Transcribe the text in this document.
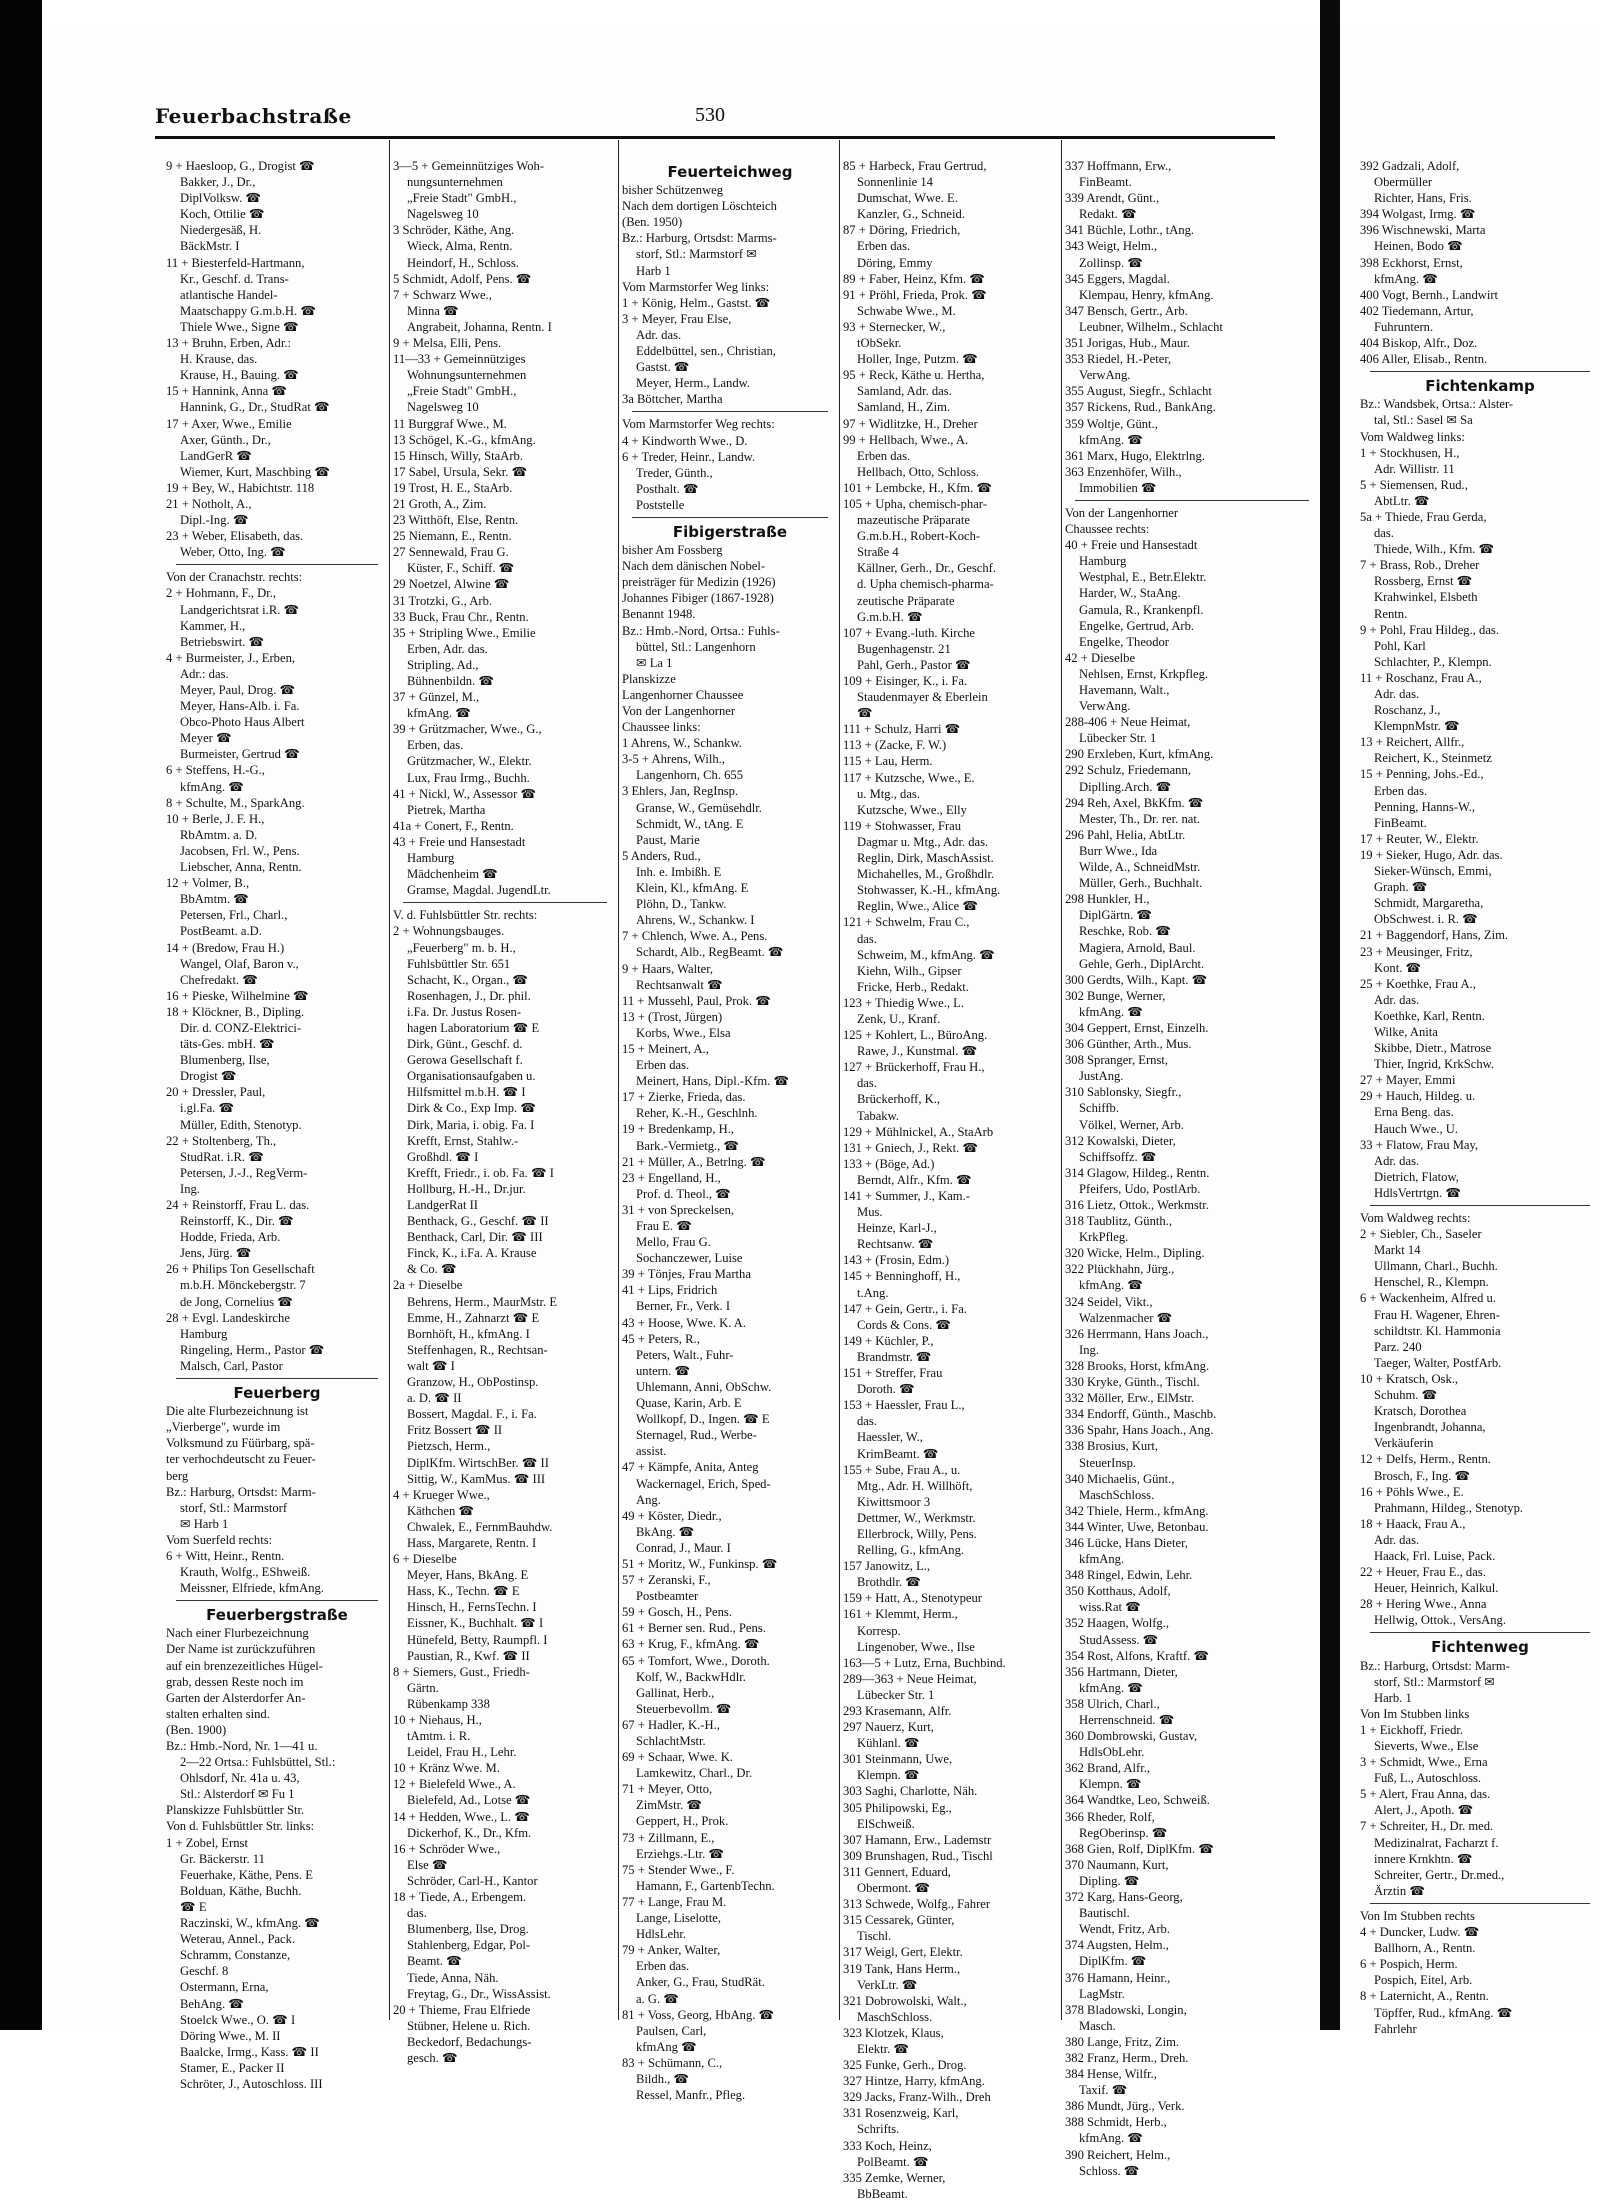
Feuerbachstraße	530
9 + Haesloop, G., Drogist ☎
Bakker, J., Dr.,
DiplVolksw. ☎
Koch, Ottilie ☎
Niedergesäß, H.
BäckMstr. I
11 + Biesterfeld-Hartmann,
Kr., Geschf. d. Trans-
atlantische Handel-
Maatschappy G.m.b.H. ☎
Thiele Wwe., Signe ☎
13 + Bruhn, Erben, Adr.:
H. Krause, das.
Krause, H., Bauing. ☎
15 + Hannink, Anna ☎
Hannink, G., Dr., StudRat ☎
17 + Axer, Wwe., Emilie
Axer, Günth., Dr.,
LandGerR ☎
Wiemer, Kurt, Maschbing ☎
19 + Bey, W., Habichtstr. 118
21 + Notholt, A.,
Dipl.-Ing. ☎
23 + Weber, Elisabeth, das.
Weber, Otto, Ing. ☎
Von der Cranachstr. rechts:
2 + Hohmann, F., Dr.,
Landgerichtsrat i.R. ☎
Kammer, H.,
Betriebswirt. ☎
4 + Burmeister, J., Erben,
Adr.: das.
Meyer, Paul, Drog. ☎
Meyer, Hans-Alb. i. Fa.
Obco-Photo Haus Albert
Meyer ☎
Burmeister, Gertrud ☎
6 + Steffens, H.-G.,
kfmAng. ☎
8 + Schulte, M., SparkAng.
10 + Berle, J. F. H.,
RbAmtm. a. D.
Jacobsen, Frl. W., Pens.
Liebscher, Anna, Rentn.
12 + Volmer, B.,
BbAmtm. ☎
Petersen, Frl., Charl.,
PostBeamt. a.D.
14 + (Bredow, Frau H.)
Wangel, Olaf, Baron v.,
Chefredakt. ☎
16 + Pieske, Wilhelmine ☎
18 + Klöckner, B., Dipling.
Dir. d. CONZ-Elektrici-
täts-Ges. mbH. ☎
Blumenberg, Ilse,
Drogist ☎
20 + Dressler, Paul,
i.gl.Fa. ☎
Müller, Edith, Stenotyp.
22 + Stoltenberg, Th.,
StudRat. i.R. ☎
Petersen, J.-J., RegVerm-
Ing.
24 + Reinstorff, Frau L. das.
Reinstorff, K., Dir. ☎
Hodde, Frieda, Arb.
Jens, Jürg. ☎
26 + Philips Ton Gesellschaft
m.b.H. Mönckebergstr. 7
de Jong, Cornelius ☎
28 + Evgl. Landeskirche
Hamburg
Ringeling, Herm., Pastor ☎
Malsch, Carl, Pastor
Feuerberg
Die alte Flurbezeichnung ist
„Vierberge", wurde im
Volksmund zu Füürbarg, spä-
ter verhochdeutscht zu Feuer-
berg
Bz.: Harburg, Ortsdst: Marm-
storf, Stl.: Marmstorf
✉ Harb 1
Vom Suerfeld rechts:
6 + Witt, Heinr., Rentn.
Krauth, Wolfg., EShweiß.
Meissner, Elfriede, kfmAng.
Feuerbergstraße
Nach einer Flurbezeichnung
Der Name ist zurückzuführen
auf ein brenzezeitliches Hügel-
grab, dessen Reste noch im
Garten der Alsterdorfer An-
stalten erhalten sind.
(Ben. 1900)
Bz.: Hmb.-Nord, Nr. 1—41 u.
2—22 Ortsa.: Fuhlsbüttel, Stl.:
Ohlsdorf, Nr. 41a u. 43,
Stl.: Alsterdorf ✉ Fu 1
Planskizze Fuhlsbüttler Str.
Von d. Fuhlsbüttler Str. links:
1 + Zobel, Ernst
Gr. Bäckerstr. 11
Feuerhake, Käthe, Pens. E
Bolduan, Käthe, Buchh.
☎ E
Raczinski, W., kfmAng. ☎
Weterau, Annel., Pack.
Schramm, Constanze,
Geschf. 8
Ostermann, Erna,
BehAng. ☎
Stoelck Wwe., O. ☎ I
Döring Wwe., M. II
Baalcke, Irmg., Kass. ☎ II
Stamer, E., Packer II
Schröter, J., Autoschloss. III
3—5 + Gemeinnütziges Woh-
nungsunternehmen
„Freie Stadt" GmbH.,
Nagelsweg 10
3 Schröder, Käthe, Ang.
Wieck, Alma, Rentn.
Heindorf, H., Schloss.
5 Schmidt, Adolf, Pens. ☎
7 + Schwarz Wwe.,
Minna ☎
Angrabeit, Johanna, Rentn. I
9 + Melsa, Elli, Pens.
11—33 + Gemeinnütziges
Wohnungsunternehmen
„Freie Stadt" GmbH.,
Nagelsweg 10
11 Burggraf Wwe., M.
13 Schögel, K.-G., kfmAng.
15 Hinsch, Willy, StaArb.
17 Sabel, Ursula, Sekr. ☎
19 Trost, H. E., StaArb.
21 Groth, A., Zim.
23 Witthöft, Else, Rentn.
25 Niemann, E., Rentn.
27 Sennewald, Frau G.
Küster, F., Schiff. ☎
29 Noetzel, Alwine ☎
31 Trotzki, G., Arb.
33 Buck, Frau Chr., Rentn.
35 + Stripling Wwe., Emilie
Erben, Adr. das.
Stripling, Ad.,
Bühnenbildn. ☎
37 + Günzel, M.,
kfmAng. ☎
39 + Grützmacher, Wwe., G.,
Erben, das.
Grützmacher, W., Elektr.
Lux, Frau Irmg., Buchh.
41 + Nickl, W., Assessor ☎
Pietrek, Martha
41a + Conert, F., Rentn.
43 + Freie und Hansestadt
Hamburg
Mädchenheim ☎
Gramse, Magdal. JugendLtr.
V. d. Fuhlsbüttler Str. rechts:
2 + Wohnungsbauges.
„Feuerberg" m. b. H.,
Fuhlsbüttler Str. 651
Schacht, K., Organ., ☎
Rosenhagen, J., Dr. phil.
i.Fa. Dr. Justus Rosen-
hagen Laboratorium ☎ E
Dirk, Günt., Geschf. d.
Gerowa Gesellschaft f.
Organisationsaufgaben u.
Hilfsmittel m.b.H. ☎ I
Dirk & Co., Exp Imp. ☎
Dirk, Maria, i. obig. Fa. I
Krefft, Ernst, Stahlw.-
Großhdl. ☎ I
Krefft, Friedr., i. ob. Fa. ☎ I
Hollburg, H.-H., Dr.jur.
LandgerRat II
Benthack, G., Geschf. ☎ II
Benthack, Carl, Dir. ☎ III
Finck, K., i.Fa. A. Krause
& Co. ☎
2a + Dieselbe
Behrens, Herm., MaurMstr. E
Emme, H., Zahnarzt ☎ E
Bornhöft, H., kfmAng. I
Steffenhagen, R., Rechtsan-
walt ☎ I
Granzow, H., ObPostinsp.
a. D. ☎ II
Bossert, Magdal. F., i. Fa.
Fritz Bossert ☎ II
Pietzsch, Herm.,
DiplKfm. WirtschBer. ☎ II
Sittig, W., KamMus. ☎ III
4 + Krueger Wwe.,
Käthchen ☎
Chwalek, E., FernmBauhdw.
Hass, Margarete, Rentn. I
6 + Dieselbe
Meyer, Hans, BkAng. E
Hass, K., Techn. ☎ E
Hinsch, H., FernsTechn. I
Eissner, K., Buchhalt. ☎ I
Hünefeld, Betty, Raumpfl. I
Paustian, R., Kwf. ☎ II
8 + Siemers, Gust., Friedh-
Gärtn.
Rübenkamp 338
10 + Niehaus, H.,
tAmtm. i. R.
Leidel, Frau H., Lehr.
10 + Kränz Wwe. M.
12 + Bielefeld Wwe., A.
Bielefeld, Ad., Lotse ☎
14 + Hedden, Wwe., L. ☎
Dickerhof, K., Dr., Kfm.
16 + Schröder Wwe.,
Else ☎
Schröder, Carl-H., Kantor
18 + Tiede, A., Erbengem.
das.
Blumenberg, Ilse, Drog.
Stahlenberg, Edgar, Pol-
Beamt. ☎
Tiede, Anna, Näh.
Freytag, G., Dr., WissAssist.
20 + Thieme, Frau Elfriede
Stübner, Helene u. Rich.
Beckedorf, Bedachungs-
gesch. ☎
Feuerteichweg
bisher Schützenweg
Nach dem dortigen Löschteich
(Ben. 1950)
Bz.: Harburg, Ortsdst: Marms-
storf, Stl.: Marmstorf ✉
Harb 1
Vom Marmstorfer Weg links:
1 + König, Helm., Gastst. ☎
3 + Meyer, Frau Else,
Adr. das.
Eddelbüttel, sen., Christian,
Gastst. ☎
Meyer, Herm., Landw.
3a Böttcher, Martha
Vom Marmstorfer Weg rechts:
4 + Kindworth Wwe., D.
6 + Treder, Heinr., Landw.
Treder, Günth.,
Posthalt. ☎
Poststelle
Fibigerstraße
bisher Am Fossberg
Nach dem dänischen Nobel-
preisträger für Medizin (1926)
Johannes Fibiger (1867-1928)
Benannt 1948.
Bz.: Hmb.-Nord, Ortsa.: Fuhls-
büttel, Stl.: Langenhorn
✉ La 1
Planskizze
Langenhorner Chaussee
Von der Langenhorner
Chaussee links:
1 Ahrens, W., Schankw.
3-5 + Ahrens, Wilh.,
Langenhorn, Ch. 655
3 Ehlers, Jan, RegInsp.
Granse, W., Gemüsehdlr.
Schmidt, W., tAng. E
Paust, Marie
5 Anders, Rud.,
Inh. e. Imbißh. E
Klein, Kl., kfmAng. E
Plöhn, D., Tankw.
Ahrens, W., Schankw. I
7 + Chlench, Wwe. A., Pens.
Schardt, Alb., RegBeamt. ☎
9 + Haars, Walter,
Rechtsanwalt ☎
11 + Mussehl, Paul, Prok. ☎
13 + (Trost, Jürgen)
Korbs, Wwe., Elsa
15 + Meinert, A.,
Erben das.
Meinert, Hans, Dipl.-Kfm. ☎
17 + Zierke, Frieda, das.
Reher, K.-H., Geschlnh.
19 + Bredenkamp, H.,
Bark.-Vermietg., ☎
21 + Müller, A., Betrlng. ☎
23 + Engelland, H.,
Prof. d. Theol., ☎
31 + von Spreckelsen,
Frau E. ☎
Mello, Frau G.
Sochanczewer, Luise
39 + Tönjes, Frau Martha
41 + Lips, Fridrich
Berner, Fr., Verk. I
43 + Hoose, Wwe. K. A.
45 + Peters, R.,
Peters, Walt., Fuhr-
untern. ☎
Uhlemann, Anni, ObSchw.
Quase, Karin, Arb. E
Wollkopf, D., Ingen. ☎ E
Sternagel, Rud., Werbe-
assist.
47 + Kämpfe, Anita, Anteg
Wackernagel, Erich, Sped-
Ang.
49 + Köster, Diedr.,
BkAng. ☎
Conrad, J., Maur. I
51 + Moritz, W., Funkinsp. ☎
57 + Zeranski, F.,
Postbeamter
59 + Gosch, H., Pens.
61 + Berner sen. Rud., Pens.
63 + Krug, F., kfmAng. ☎
65 + Tomfort, Wwe., Doroth.
Kolf, W., BackwHdlr.
Gallinat, Herb.,
Steuerbevollm. ☎
67 + Hadler, K.-H.,
SchlachtMstr.
69 + Schaar, Wwe. K.
Lamkewitz, Charl., Dr.
71 + Meyer, Otto,
ZimMstr. ☎
Geppert, H., Prok.
73 + Zillmann, E.,
Erziehgs.-Ltr. ☎
75 + Stender Wwe., F.
Hamann, F., GartenbTechn.
77 + Lange, Frau M.
Lange, Liselotte,
HdlsLehr.
79 + Anker, Walter,
Erben das.
Anker, G., Frau, StudRät.
a. G. ☎
81 + Voss, Georg, HbAng. ☎
Paulsen, Carl,
kfmAng ☎
83 + Schümann, C.,
Bildh., ☎
Ressel, Manfr., Pfleg.
85 + Harbeck, Frau Gertrud,
Sonnenlinie 14
Dumschat, Wwe. E.
Kanzler, G., Schneid.
87 + Döring, Friedrich,
Erben das.
Döring, Emmy
89 + Faber, Heinz, Kfm. ☎
91 + Pröhl, Frieda, Prok. ☎
Schwabe Wwe., M.
93 + Sternecker, W.,
tObSekr.
Holler, Inge, Putzm. ☎
95 + Reck, Käthe u. Hertha,
Samland, Adr. das.
Samland, H., Zim.
97 + Widlitzke, H., Dreher
99 + Hellbach, Wwe., A.
Erben das.
Hellbach, Otto, Schloss.
101 + Lembcke, H., Kfm. ☎
105 + Upha, chemisch-phar-
mazeutische Präparate
G.m.b.H., Robert-Koch-
Straße 4
Källner, Gerh., Dr., Geschf.
d. Upha chemisch-pharma-
zeutische Präparate
G.m.b.H. ☎
107 + Evang.-luth. Kirche
Bugenhagenstr. 21
Pahl, Gerh., Pastor ☎
109 + Eisinger, K., i. Fa.
Staudenmayer & Eberlein
☎
111 + Schulz, Harri ☎
113 + (Zacke, F. W.)
115 + Lau, Herm.
117 + Kutzsche, Wwe., E.
u. Mtg., das.
Kutzsche, Wwe., Elly
119 + Stohwasser, Frau
Dagmar u. Mtg., Adr. das.
Reglin, Dirk, MaschAssist.
Michahelles, M., Großhdlr.
Stohwasser, K.-H., kfmAng.
Reglin, Wwe., Alice ☎
121 + Schwelm, Frau C.,
das.
Schweim, M., kfmAng. ☎
Kiehn, Wilh., Gipser
Fricke, Herb., Redakt.
123 + Thiedig Wwe., L.
Zenk, U., Kranf.
125 + Kohlert, L., BüroAng.
Rawe, J., Kunstmal. ☎
127 + Brückerhoff, Frau H.,
das.
Brückerhoff, K.,
Tabakw.
129 + Mühlnickel, A., StaArb
131 + Gniech, J., Rekt. ☎
133 + (Böge, Ad.)
Berndt, Alfr., Kfm. ☎
141 + Summer, J., Kam.-
Mus.
Heinze, Karl-J.,
Rechtsanw. ☎
143 + (Frosin, Edm.)
145 + Benninghoff, H.,
t.Ang.
147 + Gein, Gertr., i. Fa.
Cords & Cons. ☎
149 + Küchler, P.,
Brandmstr. ☎
151 + Streffer, Frau
Doroth. ☎
153 + Haessler, Frau L.,
das.
Haessler, W.,
KrimBeamt. ☎
155 + Sube, Frau A., u.
Mtg., Adr. H. Willhöft,
Kiwittsmoor 3
Dettmer, W., Werkmstr.
Ellerbrock, Willy, Pens.
Relling, G., kfmAng.
157 Janowitz, L.,
Brothdlr. ☎
159 + Hatt, A., Stenotypeur
161 + Klemmt, Herm.,
Korresp.
Lingenober, Wwe., Ilse
163—5 + Lutz, Erna, Buchbind.
289—363 + Neue Heimat,
Lübecker Str. 1
293 Krasemann, Alfr.
297 Nauerz, Kurt,
Kühlanl. ☎
301 Steinmann, Uwe,
Klempn. ☎
303 Saghi, Charlotte, Näh.
305 Philipowski, Eg.,
ElSchweiß.
307 Hamann, Erw., Lademstr
309 Brunshagen, Rud., Tischl
311 Gennert, Eduard,
Obermont. ☎
313 Schwede, Wolfg., Fahrer
315 Cessarek, Günter,
Tischl.
317 Weigl, Gert, Elektr.
319 Tank, Hans Herm.,
VerkLtr. ☎
321 Dobrowolski, Walt.,
MaschSchloss.
323 Klotzek, Klaus,
Elektr. ☎
325 Funke, Gerh., Drog.
327 Hintze, Harry, kfmAng.
329 Jacks, Franz-Wilh., Dreh
331 Rosenzweig, Karl,
Schrifts.
333 Koch, Heinz,
PolBeamt. ☎
335 Zemke, Werner,
BbBeamt.
337 Hoffmann, Erw.,
FinBeamt.
339 Arendt, Günt.,
Redakt. ☎
341 Büchle, Lothr., tAng.
343 Weigt, Helm.,
Zollinsp. ☎
345 Eggers, Magdal.
Klempau, Henry, kfmAng.
347 Bensch, Gertr., Arb.
Leubner, Wilhelm., Schlacht
351 Jorigas, Hub., Maur.
353 Riedel, H.-Peter,
VerwAng.
355 August, Siegfr., Schlacht
357 Rickens, Rud., BankAng.
359 Woltje, Günt.,
kfmAng. ☎
361 Marx, Hugo, Elektrlng.
363 Enzenhöfer, Wilh.,
Immobilien ☎
Von der Langenhorner
Chaussee rechts:
40 + Freie und Hansestadt
Hamburg
Westphal, E., Betr.Elektr.
Harder, W., StaAng.
Gamula, R., Krankenpfl.
Engelke, Gertrud, Arb.
Engelke, Theodor
42 + Dieselbe
Nehlsen, Ernst, Krkpfleg.
Havemann, Walt.,
VerwAng.
288-406 + Neue Heimat,
Lübecker Str. 1
290 Erxleben, Kurt, kfmAng.
292 Schulz, Friedemann,
Diplling.Arch. ☎
294 Reh, Axel, BkKfm. ☎
Mester, Th., Dr. rer. nat.
296 Pahl, Helia, AbtLtr.
Burr Wwe., Ida
Wilde, A., SchneidMstr.
Müller, Gerh., Buchhalt.
298 Hunkler, H.,
DiplGärtn. ☎
Reschke, Rob. ☎
Magiera, Arnold, Baul.
Gehle, Gerh., DiplArcht.
300 Gerdts, Wilh., Kapt. ☎
302 Bunge, Werner,
kfmAng. ☎
304 Geppert, Ernst, Einzelh.
306 Günther, Arth., Mus.
308 Spranger, Ernst,
JustAng.
310 Sablonsky, Siegfr.,
Schiffb.
Völkel, Werner, Arb.
312 Kowalski, Dieter,
Schiffsoffz. ☎
314 Glagow, Hildeg., Rentn.
Pfeifers, Udo, PostlArb.
316 Lietz, Ottok., Werkmstr.
318 Taublitz, Günth.,
KrkPfleg.
320 Wicke, Helm., Dipling.
322 Plückhahn, Jürg.,
kfmAng. ☎
324 Seidel, Vikt.,
Walzenmacher ☎
326 Herrmann, Hans Joach.,
Ing.
328 Brooks, Horst, kfmAng.
330 Kryke, Günth., Tischl.
332 Möller, Erw., ElMstr.
334 Endorff, Günth., Maschb.
336 Spahr, Hans Joach., Ang.
338 Brosius, Kurt,
SteuerInsp.
340 Michaelis, Günt.,
MaschSchloss.
342 Thiele, Herm., kfmAng.
344 Winter, Uwe, Betonbau.
346 Lücke, Hans Dieter,
kfmAng.
348 Ringel, Edwin, Lehr.
350 Kotthaus, Adolf,
wiss.Rat ☎
352 Haagen, Wolfg.,
StudAssess. ☎
354 Rost, Alfons, Kraftf. ☎
356 Hartmann, Dieter,
kfmAng. ☎
358 Ulrich, Charl.,
Herrenschneid. ☎
360 Dombrowski, Gustav,
HdlsObLehr.
362 Brand, Alfr.,
Klempn. ☎
364 Wandtke, Leo, Schweiß.
366 Rheder, Rolf,
RegOberinsp. ☎
368 Gien, Rolf, DiplKfm. ☎
370 Naumann, Kurt,
Dipling. ☎
372 Karg, Hans-Georg,
Bautischl.
Wendt, Fritz, Arb.
374 Augsten, Helm.,
DiplKfm. ☎
376 Hamann, Heinr.,
LagMstr.
378 Bladowski, Longin,
Masch.
380 Lange, Fritz, Zim.
382 Franz, Herm., Dreh.
384 Hense, Wilfr.,
Taxif. ☎
386 Mundt, Jürg., Verk.
388 Schmidt, Herb.,
kfmAng. ☎
390 Reichert, Helm.,
Schloss. ☎
392 Gadzali, Adolf,
Obermüller
Richter, Hans, Fris.
394 Wolgast, Irmg. ☎
396 Wischnewski, Marta
Heinen, Bodo ☎
398 Eckhorst, Ernst,
kfmAng. ☎
400 Vogt, Bernh., Landwirt
402 Tiedemann, Artur,
Fuhruntern.
404 Biskop, Alfr., Doz.
406 Aller, Elisab., Rentn.
Fichtenkamp
Bz.: Wandsbek, Ortsa.: Alster-
tal, Stl.: Sasel ✉ Sa
Vom Waldweg links:
1 + Stockhusen, H.,
Adr. Willistr. 11
5 + Siemensen, Rud.,
AbtLtr. ☎
5a + Thiede, Frau Gerda,
das.
Thiede, Wilh., Kfm. ☎
7 + Brass, Rob., Dreher
Rossberg, Ernst ☎
Krahwinkel, Elsbeth
Rentn.
9 + Pohl, Frau Hildeg., das.
Pohl, Karl
Schlachter, P., Klempn.
11 + Roschanz, Frau A.,
Adr. das.
Roschanz, J.,
KlempnMstr. ☎
13 + Reichert, Allfr.,
Reichert, K., Steinmetz
15 + Penning, Johs.-Ed.,
Erben das.
Penning, Hanns-W.,
FinBeamt.
17 + Reuter, W., Elektr.
19 + Sieker, Hugo, Adr. das.
Sieker-Wünsch, Emmi,
Graph. ☎
Schmidt, Margaretha,
ObSchwest. i. R. ☎
21 + Baggendorf, Hans, Zim.
23 + Meusinger, Fritz,
Kont. ☎
25 + Koethke, Frau A.,
Adr. das.
Koethke, Karl, Rentn.
Wilke, Anita
Skibbe, Dietr., Matrose
Thier, Ingrid, KrkSchw.
27 + Mayer, Emmi
29 + Hauch, Hildeg. u.
Erna Beng. das.
Hauch Wwe., U.
33 + Flatow, Frau May,
Adr. das.
Dietrich, Flatow,
HdlsVertrtgn. ☎
Vom Waldweg rechts:
2 + Siebler, Ch., Saseler
Markt 14
Ullmann, Charl., Buchh.
Henschel, R., Klempn.
6 + Wackenheim, Alfred u.
Frau H. Wagener, Ehren-
schildtstr. Kl. Hammonia
Parz. 240
Taeger, Walter, PostfArb.
10 + Kratsch, Osk.,
Schuhm. ☎
Kratsch, Dorothea
Ingenbrandt, Johanna,
Verkäuferin
12 + Delfs, Herm., Rentn.
Brosch, F., Ing. ☎
16 + Pöhls Wwe., E.
Prahmann, Hildeg., Stenotyp.
18 + Haack, Frau A.,
Adr. das.
Haack, Frl. Luise, Pack.
22 + Heuer, Frau E., das.
Heuer, Heinrich, Kalkul.
28 + Hering Wwe., Anna
Hellwig, Ottok., VersAng.
Fichtenweg
Bz.: Harburg, Ortsdst: Marm-
storf, Stl.: Marmstorf ✉
Harb. 1
Von Im Stubben links
1 + Eickhoff, Friedr.
Sieverts, Wwe., Else
3 + Schmidt, Wwe., Erna
Fuß, L., Autoschloss.
5 + Alert, Frau Anna, das.
Alert, J., Apoth. ☎
7 + Schreiter, H., Dr. med.
Medizinalrat, Facharzt f.
innere Krnkhtn. ☎
Schreiter, Gertr., Dr.med.,
Ärztin ☎
Von Im Stubben rechts
4 + Duncker, Ludw. ☎
Ballhorn, A., Rentn.
6 + Pospich, Herm.
Pospich, Eitel, Arb.
8 + Laternicht, A., Rentn.
Töpffer, Rud., kfmAng. ☎
Fahrlehr
